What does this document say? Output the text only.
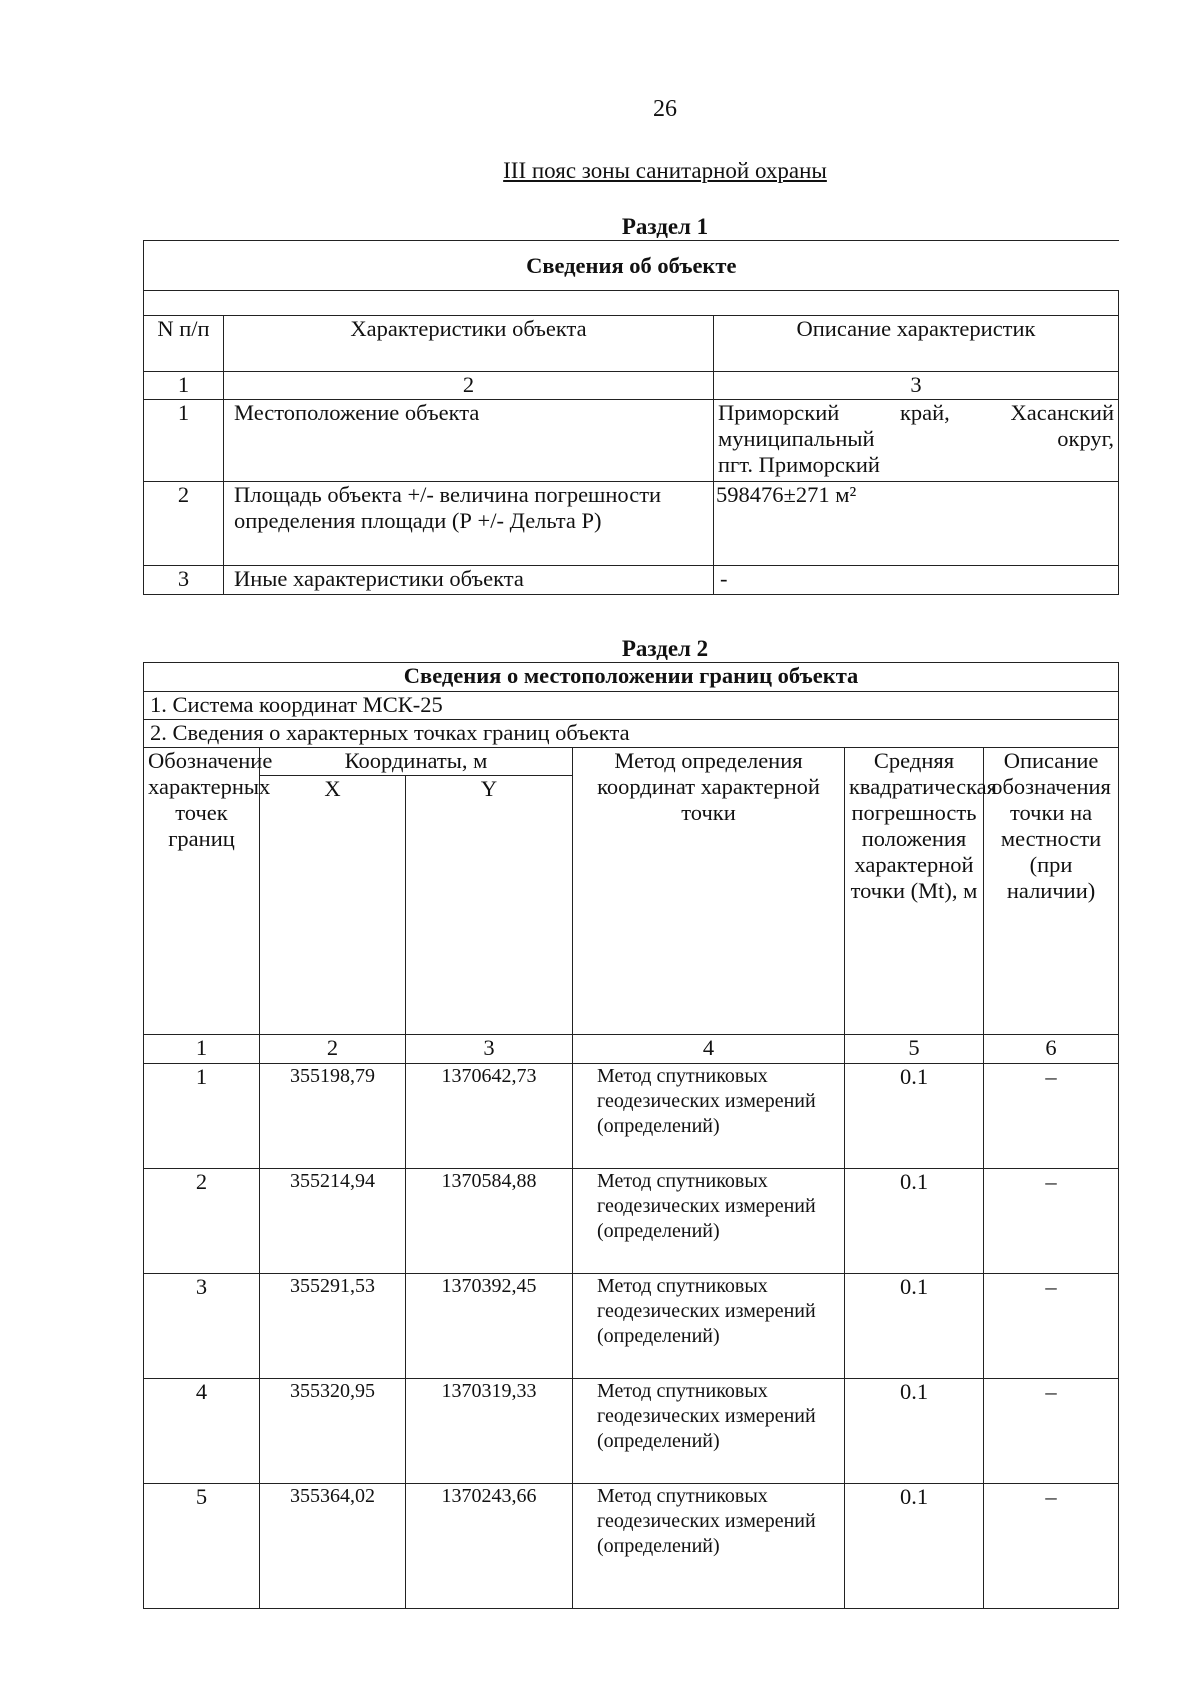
26
III пояс зоны санитарной охраны
Раздел 1
Сведения об объекте		

N п/п	Характеристики объекта	Описание характеристик
1	2	3
1	Местоположение объекта	Приморский край, Хасанский
муниципальный округ,
пгт. Приморский

2	Площадь объекта +/- величина погрешности определения площади (Р +/- Дельта Р)	598476±271 м²
3	Иные характеристики объекта	-
Раздел 2
Сведения о местоположении границ объекта					
1. Система координат МСК-25					
2. Сведения о характерных точках границ объекта					
Обозначение характерных точек границ	Координаты, м		Метод определения координат характерной точки	Средняя квадратическая погрешность положения характерной точки (Mt), м	Описание обозначения точки на местности (при наличии)
	X	Y			
1	2	3	4	5	6
1	355198,79	1370642,73	Метод спутниковых геодезических измерений (определений)	0.1	–
2	355214,94	1370584,88	Метод спутниковых геодезических измерений (определений)	0.1	–
3	355291,53	1370392,45	Метод спутниковых геодезических измерений (определений)	0.1	–
4	355320,95	1370319,33	Метод спутниковых геодезических измерений (определений)	0.1	–
5	355364,02	1370243,66	Метод спутниковых геодезических измерений (определений)	0.1	–
